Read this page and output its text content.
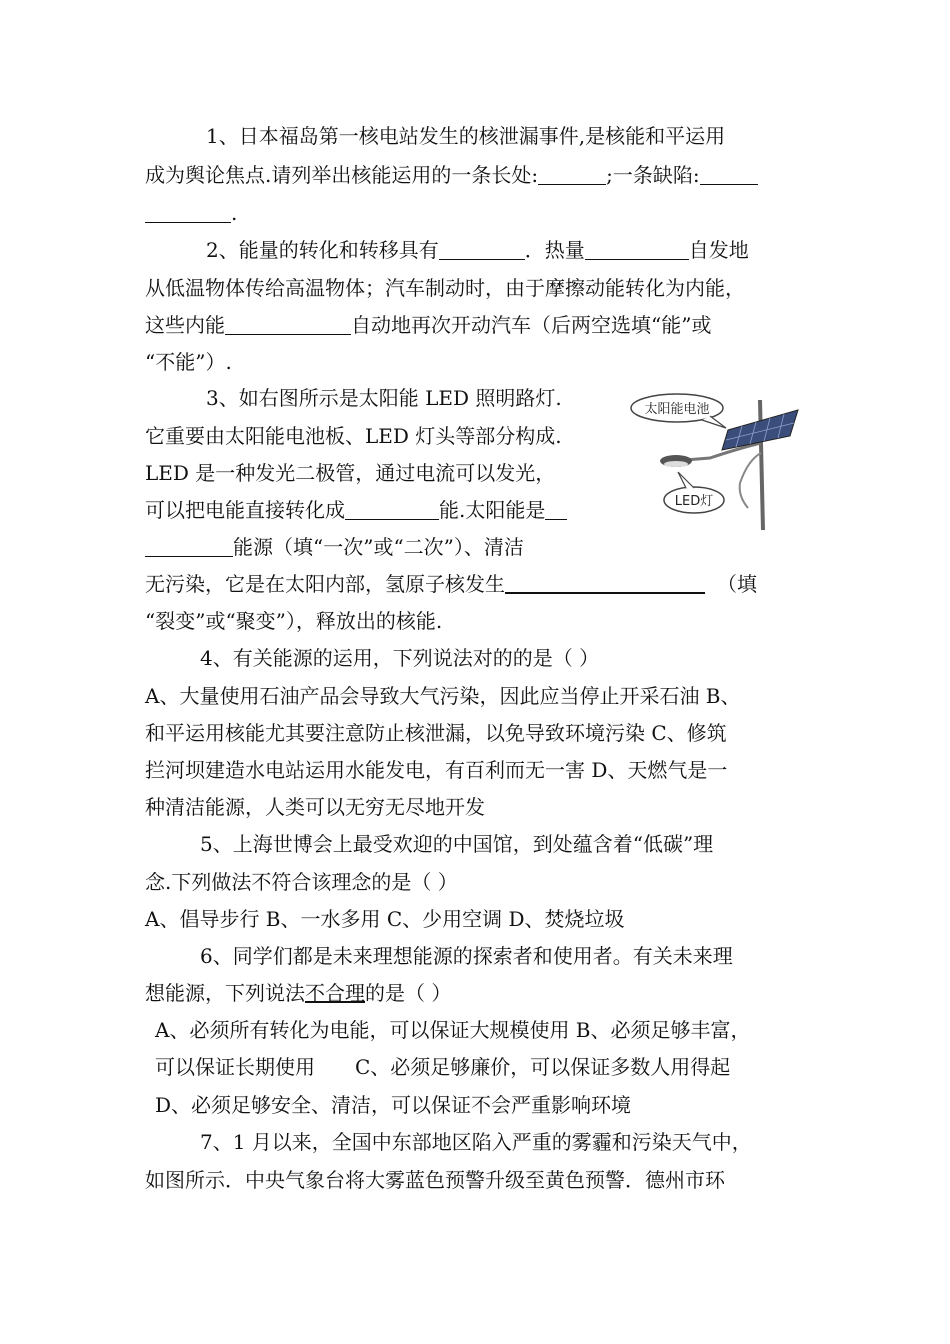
1、日本福岛第一核电站发生的核泄漏事件,是核能和平运用
成为舆论焦点.请列举出核能运用的一条长处:	;一条缺陷:
.
2、能量的转化和转移具有	．热量	自发地
从低温物体传给高温物体；汽车制动时，由于摩擦动能转化为内能，
这些内能	自动地再次开动汽车（后两空选填“能”或
“不能”）.
3、如右图所示是太阳能 LED 照明路灯.
它重要由太阳能电池板、LED 灯头等部分构成.
LED 是一种发光二极管，通过电流可以发光，
可以把电能直接转化成	能.太阳能是
能源（填“一次”或“二次”）、清洁
无污染，它是在太阳内部，氢原子核发生	（填
“裂变”或“聚变”），释放出的核能.
太阳能电池
LED灯
4、有关能源的运用，下列说法对的的是（ ）
A、大量使用石油产品会导致大气污染，因此应当停止开采石油 B、
和平运用核能尤其要注意防止核泄漏，以免导致环境污染 C、修筑
拦河坝建造水电站运用水能发电，有百利而无一害 D、天燃气是一
种清洁能源，人类可以无穷无尽地开发
5、上海世博会上最受欢迎的中国馆，到处蕴含着“低碳”理
念.下列做法不符合该理念的是（ ）
A、倡导步行 B、一水多用 C、少用空调 D、焚烧垃圾
6、同学们都是未来理想能源的探索者和使用者。有关未来理
想能源，下列说法不合理的是（ ）
A、必须所有转化为电能，可以保证大规模使用 B、必须足够丰富，
可以保证长期使用　　C、必须足够廉价，可以保证多数人用得起
D、必须足够安全、清洁，可以保证不会严重影响环境
7、1 月以来，全国中东部地区陷入严重的雾霾和污染天气中，
如图所示．中央气象台将大雾蓝色预警升级至黄色预警．德州市环
